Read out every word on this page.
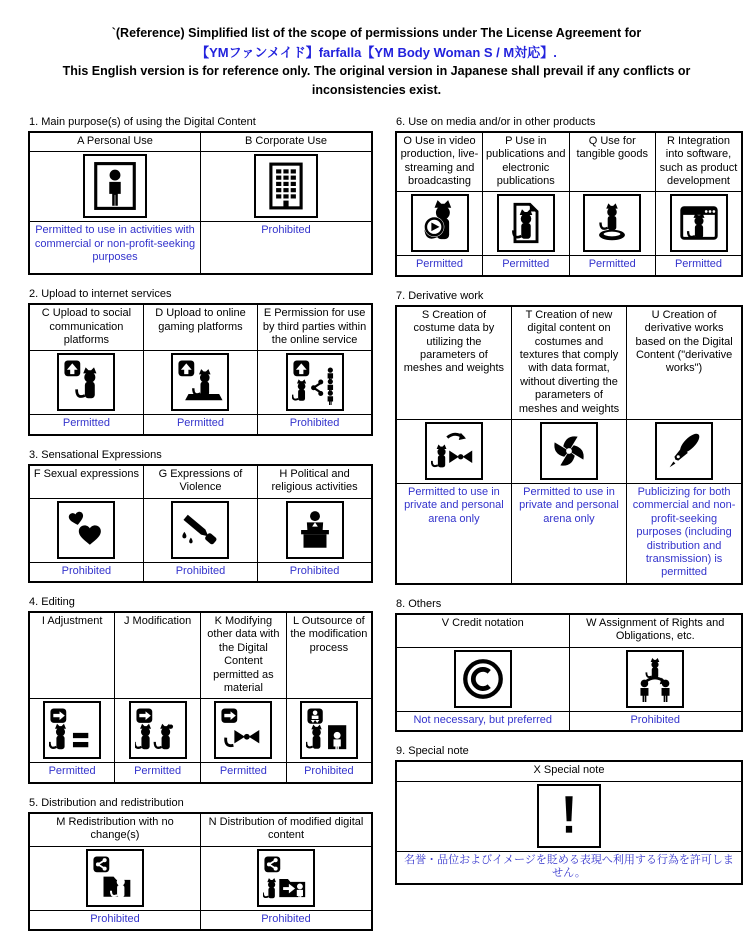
`(Reference) Simplified list of the scope of permissions under The License Agreement for
【YMファンメイド】farfalla【YM Body Woman S / M対応】.
This English version is for reference only. The original version in Japanese shall prevail if any conflicts or inconsistencies exist.
1. Main purpose(s) of using the Digital Content
A Personal Use	B Corporate Use

Permitted to use in activities with commercial or non-profit-seeking purposes	Prohibited
2. Upload to internet services
C Upload to social communication platforms	D Upload to online gaming platforms	E Permission for use by third parties within the online service

Permitted	Permitted	Prohibited
3. Sensational Expressions
F Sexual expressions	G Expressions of Violence	H Political and religious activities

Prohibited	Prohibited	Prohibited
4. Editing
I Adjustment	J Modification	K Modifying other data with the Digital Content permitted as material	L Outsource of the modification process

Permitted	Permitted	Permitted	Prohibited
5. Distribution and redistribution
M Redistribution with no change(s)	N Distribution of modified digital content

Prohibited	Prohibited
6. Use on media and/or in other products
O Use in video production, live-streaming and broadcasting	P Use in publications and electronic publications	Q Use for tangible goods	R Integration into software, such as product development

Permitted	Permitted	Permitted	Permitted
7. Derivative work
S Creation of costume data by utilizing the parameters of meshes and weights	T Creation of new digital content on costumes and textures that comply with data format, without diverting the parameters of meshes and weights	U Creation of derivative works based on the Digital Content ("derivative works")

Permitted to use in private and personal arena only	Permitted to use in private and personal arena only	Publicizing for both commercial and non-profit-seeking purposes (including distribution and transmission) is permitted
8. Others
V Credit notation	W Assignment of Rights and Obligations, etc.

Not necessary, but preferred	Prohibited
9. Special note
X Special note

名誉・品位およびイメージを貶める表現へ利用する行為を許可しません。
